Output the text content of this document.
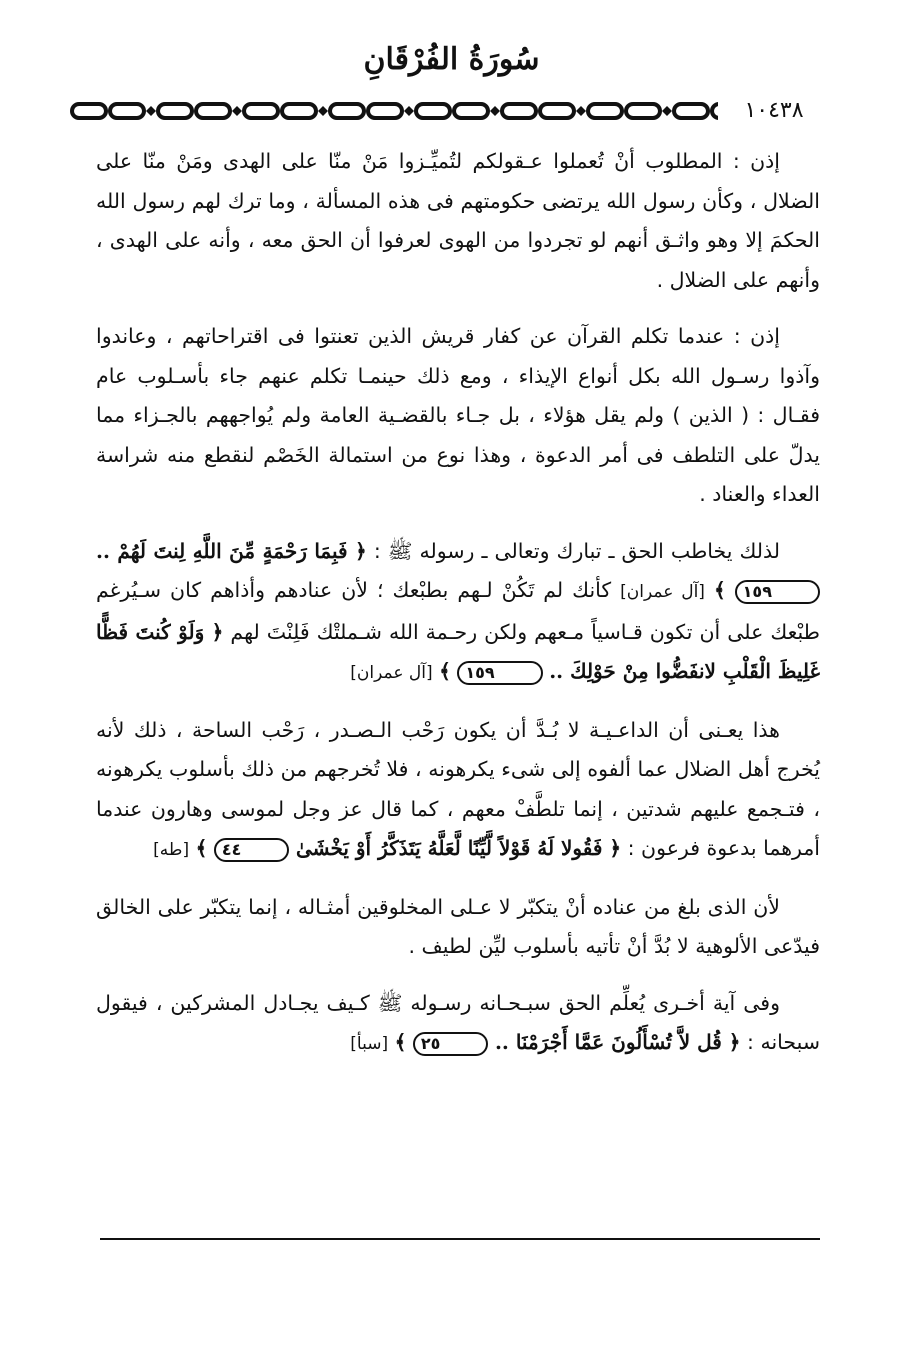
سُورَةُ الفُرْقَانِ
١٠٤٣٨

إذن : المطلوب أنْ تُعملوا عـقولكم لتُميِّـزوا مَنْ منّا على الهدى ومَنْ منّا على الضلال ، وكأن رسول الله يرتضى حكومتهم فى هذه المسألة ، وما ترك لهم رسول الله الحكمَ إلا وهو واثـق أنهم لو تجردوا من الهوى لعرفوا أن الحق معه ، وأنه على الهدى ، وأنهم على الضلال .

إذن : عندما تكلم القرآن عن كفار قريش الذين تعنتوا فى اقتراحاتهم ، وعاندوا وآذوا رسـول الله بكل أنواع الإيذاء ، ومع ذلك حينمـا تكلم عنهم جاء بأسـلوب عام فقـال : ( الذين ) ولم يقل هؤلاء ، بل جـاء بالقضـية العامة ولم يُواجههم بالجـزاء مما يدلّ على التلطف فى أمر الدعوة ، وهذا نوع من استمالة الخَصْم لنقطع منه شراسة العداء والعناد .

لذلك يخاطب الحق ـ تبارك وتعالى ـ رسوله ﷺ : ﴿ فَبِمَا رَحْمَةٍ مِّنَ اللَّهِ لِنتَ لَهُمْ .. ١٥٩ ﴾ [آل عمران] كأنك لم تَكُنْ لـهم بطبْعك ؛ لأن عنادهم وأذاهم كان سـيُرغم طبْعك على أن تكون قـاسياً مـعهم ولكن رحـمة الله شـملتْك فَلِنْتَ لهم ﴿ وَلَوْ كُنتَ فَظًّا غَلِيظَ الْقَلْبِ لانفَضُّوا مِنْ حَوْلِكَ .. ١٥٩ ﴾ [آل عمران]

هذا يعـنى أن الداعـيـة لا بُـدَّ أن يكون رَحْب الـصـدر ، رَحْب الساحة ، ذلك لأنه يُخرج أهل الضلال عما ألفوه إلى شىء يكرهونه ، فلا تُخرجهم من ذلك بأسلوب يكرهونه ، فتـجمع عليهم شدتين ، إنما تلطَّفْ معهم ، كما قال عز وجل لموسى وهارون عندما أمرهما بدعوة فرعون : ﴿ فَقُولا لَهُ قَوْلاً لَّيِّنًا لَّعَلَّهُ يَتَذَكَّرُ أَوْ يَخْشَىٰ ٤٤ ﴾ [طه]

لأن الذى بلغ من عناده أنْ يتكبّر لا عـلى المخلوقين أمثـاله ، إنما يتكبّر على الخالق فيدّعى الألوهية لا بُدَّ أنْ تأتيه بأسلوب ليِّن لطيف .

وفى آية أخـرى يُعلِّم الحق سبـحـانه رسـوله ﷺ كـيف يجـادل المشركين ، فيقول سبحانه : ﴿ قُل لاَّ تُسْأَلُونَ عَمَّا أَجْرَمْنَا .. ٢٥ ﴾ [سبأ]
